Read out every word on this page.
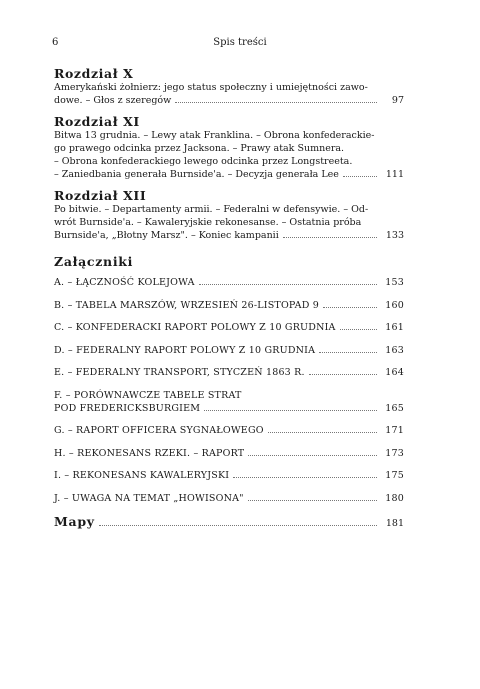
6	Spis treści
Rozdział X
Amerykański żołnierz: jego status społeczny i umiejętności zawo-
dowe. – Głos z szeregów	97
Rozdział XI
Bitwa 13 grudnia. – Lewy atak Franklina. – Obrona konfederackie-
go prawego odcinka przez Jacksona. – Prawy atak Sumnera.
– Obrona konfederackiego lewego odcinka przez Longstreeta.
– Zaniedbania generała Burnside'a. – Decyzja generała Lee	111
Rozdział XII
Po bitwie. – Departamenty armii. – Federalni w defensywie. – Od-
wrót Burnside'a. – Kawaleryjskie rekonesanse. – Ostatnia próba
Burnside'a, „Błotny Marsz". – Koniec kampanii	133
Załączniki
A. – ŁĄCZNOŚĆ KOLEJOWA	153
B. – TABELA MARSZÓW, WRZESIEŃ 26-LISTOPAD 9	160
C. – KONFEDERACKI RAPORT POLOWY Z 10 GRUDNIA	161
D. – FEDERALNY RAPORT POLOWY Z 10 GRUDNIA	163
E. – FEDERALNY TRANSPORT, STYCZEŃ 1863 R.	164
F. – PORÓWNAWCZE TABELE STRAT
POD FREDERICKSBURGIEM	165
G. – RAPORT OFFICERA SYGNAŁOWEGO	171
H. – REKONESANS RZEKI. – RAPORT	173
I. – REKONESANS KAWALERYJSKI	175
J. – UWAGA NA TEMAT „HOWISONA"	180
Mapy	181
